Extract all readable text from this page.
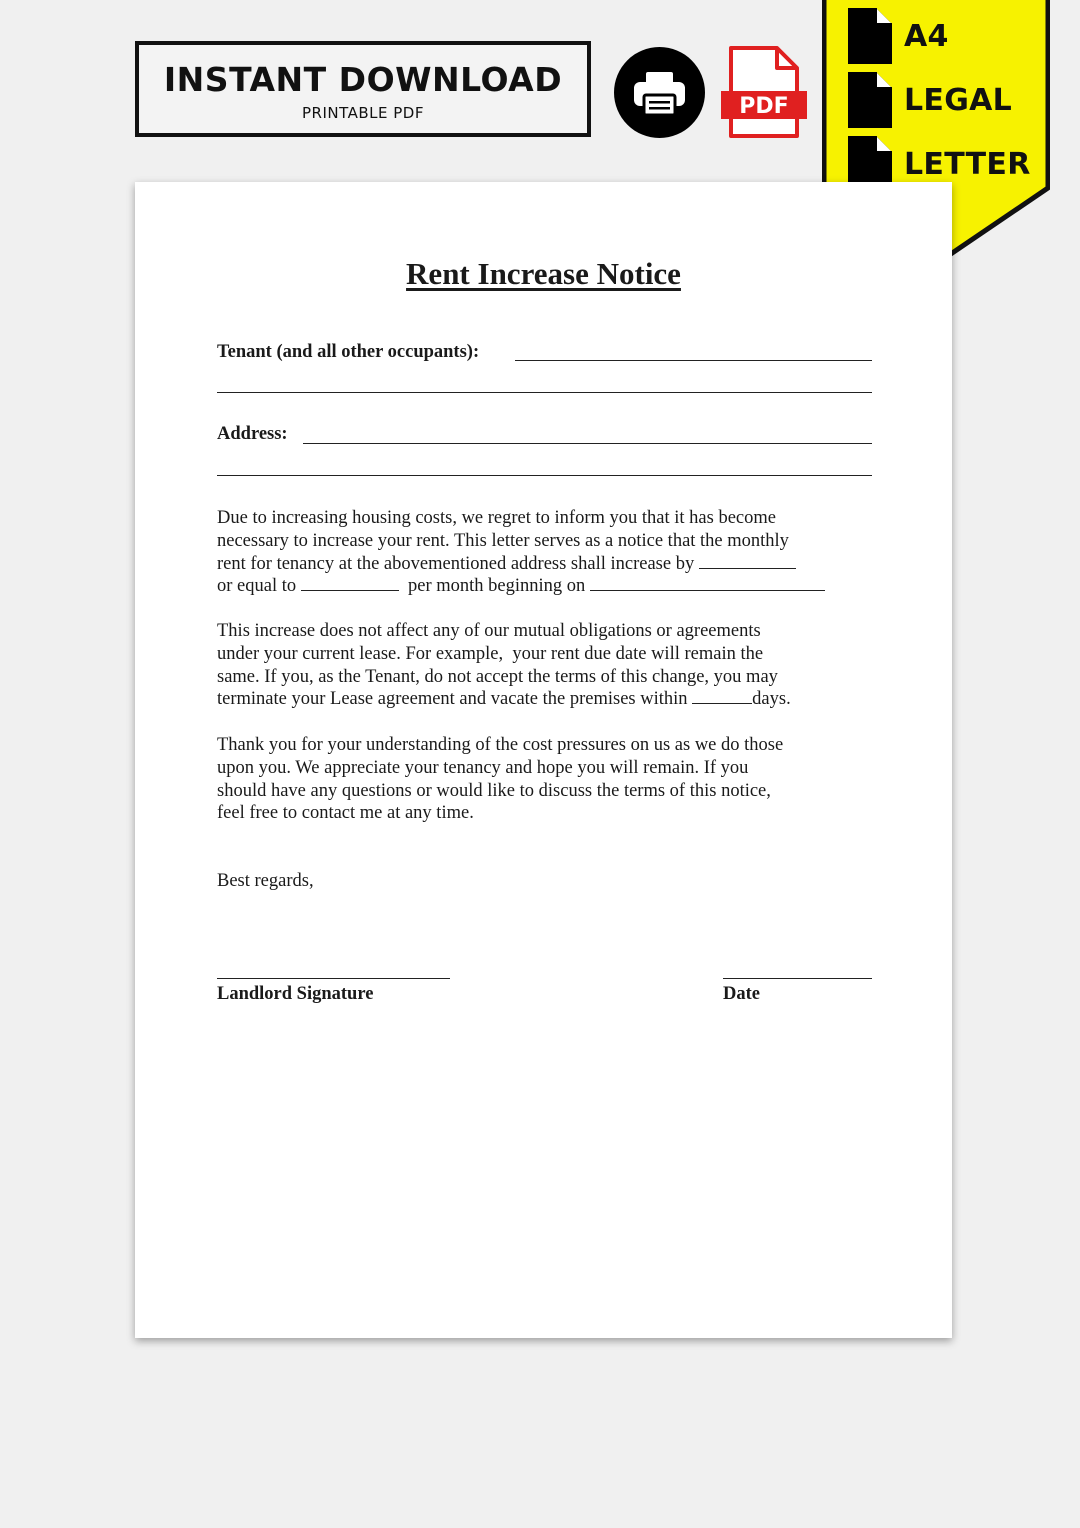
INSTANT DOWNLOAD
PRINTABLE PDF	PDF
A4
LEGAL
LETTER
Rent Increase Notice
Tenant (and all other occupants):
Address:
Due to increasing housing costs, we regret to inform you that it has become
necessary to increase your rent. This letter serves as a notice that the monthly
rent for tenancy at the abovementioned address shall increase by
or equal to	per month beginning on
This increase does not affect any of our mutual obligations or agreements
under your current lease. For example,  your rent due date will remain the
same. If you, as the Tenant, do not accept the terms of this change, you may
terminate your Lease agreement and vacate the premises within	days.
Thank you for your understanding of the cost pressures on us as we do those
upon you. We appreciate your tenancy and hope you will remain. If you
should have any questions or would like to discuss the terms of this notice,
feel free to contact me at any time.
Best regards,
Landlord Signature	Date
